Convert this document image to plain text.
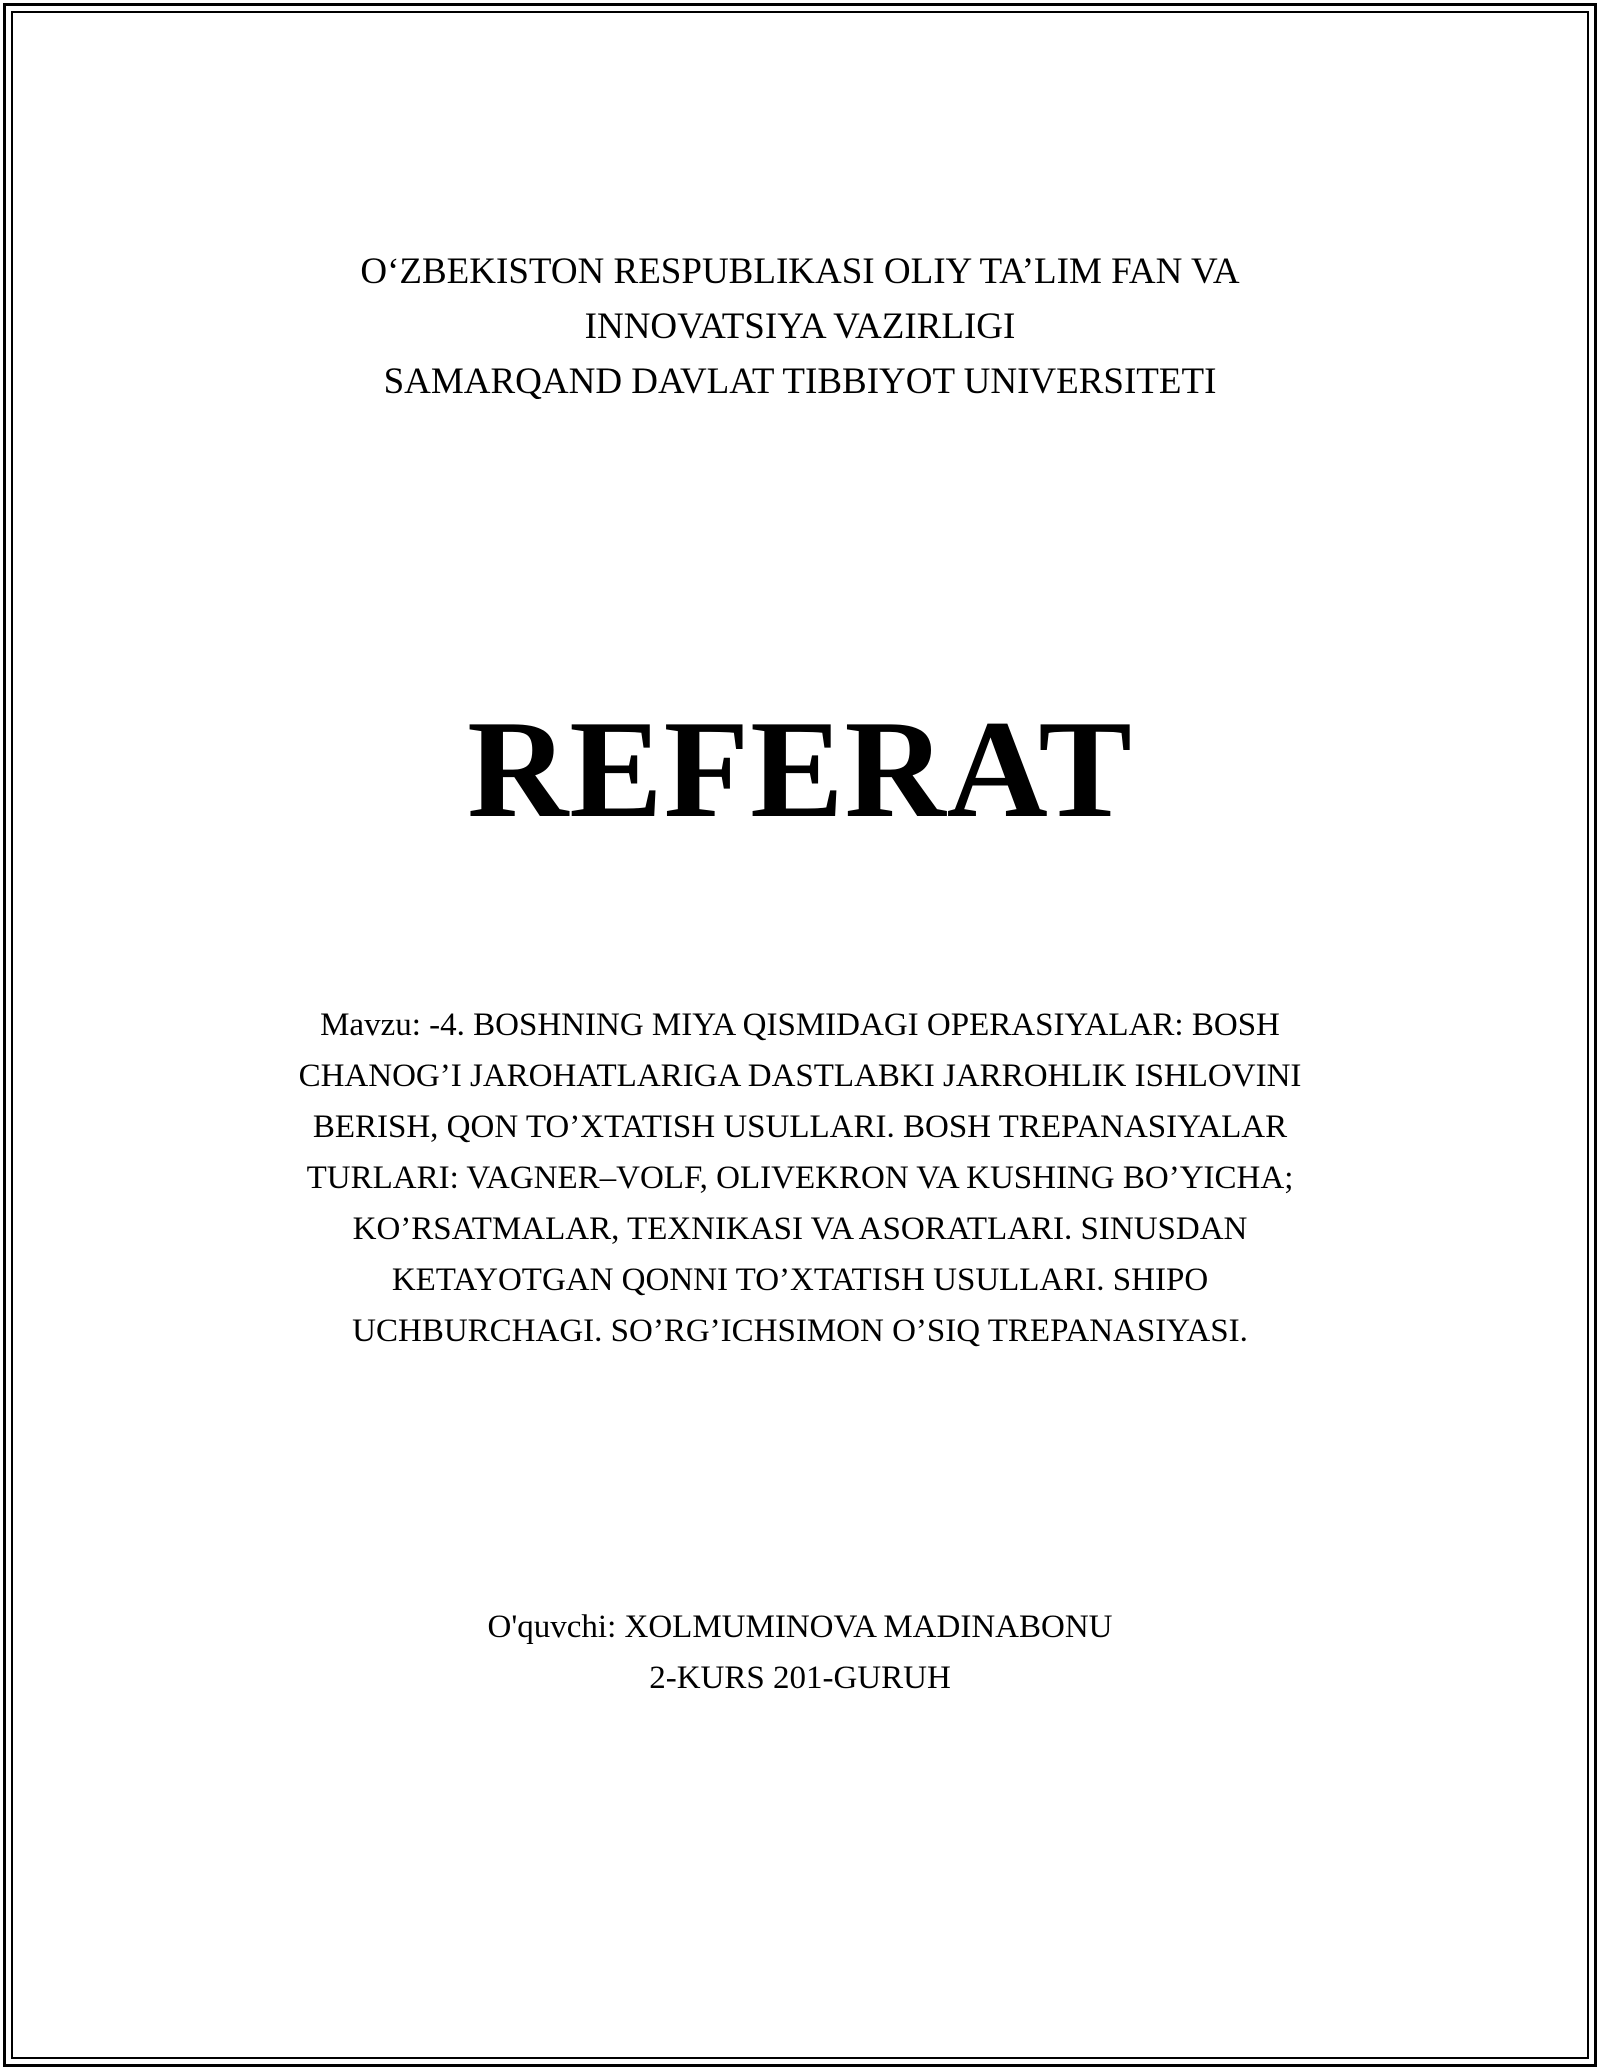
O‘ZBEKISTON RESPUBLIKASI OLIY TA’LIM FAN VA
INNOVATSIYA VAZIRLIGI
SAMARQAND DAVLAT TIBBIYOT UNIVERSITETI
REFERAT
Mavzu: -4. BOSHNING MIYA QISMIDAGI OPERASIYALAR: BOSH
CHANOG’I JAROHATLARIGA DASTLABKI JARROHLIK ISHLOVINI
BERISH, QON TO’XTATISH USULLARI. BOSH TREPANASIYALAR
TURLARI: VAGNER–VOLF, OLIVEKRON VA KUSHING BO’YICHA;
KO’RSATMALAR, TEXNIKASI VA ASORATLARI. SINUSDAN
KETAYOTGAN QONNI TO’XTATISH USULLARI. SHIPO
UCHBURCHAGI. SO’RG’ICHSIMON O’SIQ TREPANASIYASI.
O'quvchi: XOLMUMINOVA MADINABONU
2-KURS 201-GURUH
